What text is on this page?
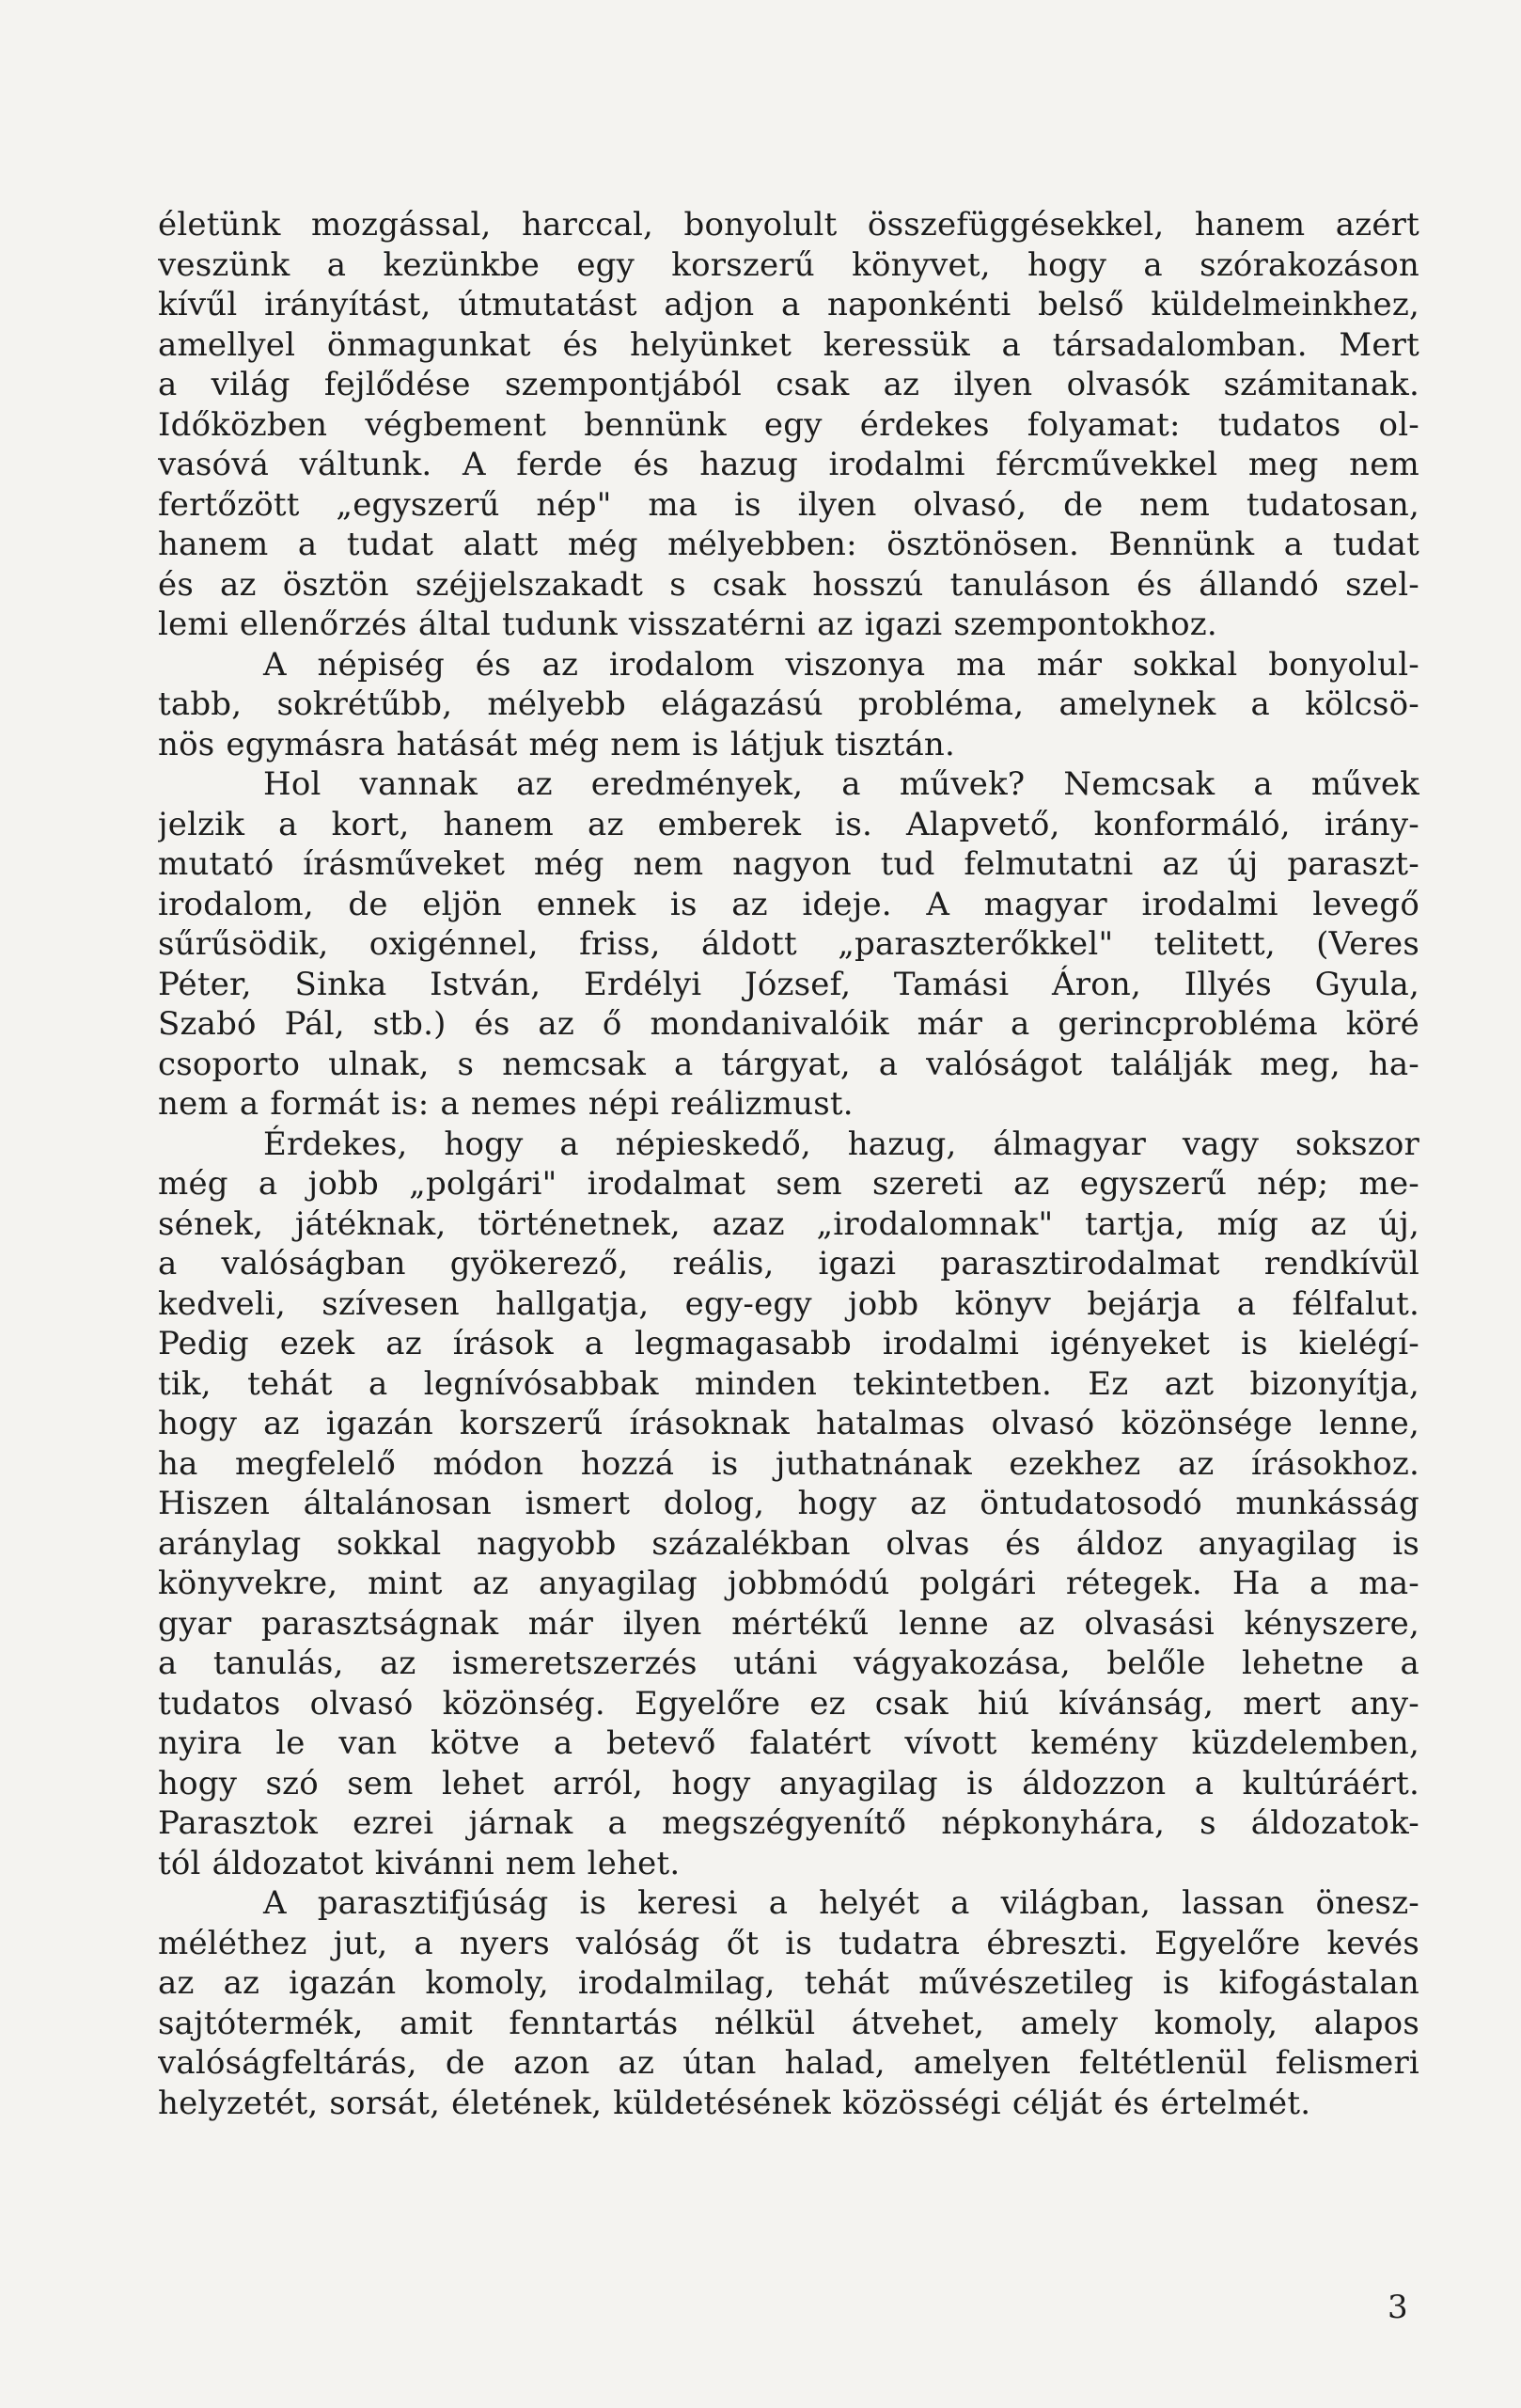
életünk mozgással, harccal, bonyolult összefüggésekkel, hanem azért
veszünk a kezünkbe egy korszerű könyvet, hogy a szórakozáson
kívűl irányítást, útmutatást adjon a naponkénti belső küldelmeinkhez,
amellyel önmagunkat és helyünket keressük a társadalomban. Mert
a világ fejlődése szempontjából csak az ilyen olvasók számitanak.
Időközben végbement bennünk egy érdekes folyamat: tudatos ol-
vasóvá váltunk. A ferde és hazug irodalmi fércművekkel meg nem
fertőzött „egyszerű nép" ma is ilyen olvasó, de nem tudatosan,
hanem a tudat alatt még mélyebben: ösztönösen. Bennünk a tudat
és az ösztön széjjelszakadt s csak hosszú tanuláson és állandó szel-
lemi ellenőrzés által tudunk visszatérni az igazi szempontokhoz.
A népiség és az irodalom viszonya ma már sokkal bonyolul-
tabb, sokrétűbb, mélyebb elágazású probléma, amelynek a kölcsö-
nös egymásra hatását még nem is látjuk tisztán.
Hol vannak az eredmények, a művek? Nemcsak a művek
jelzik a kort, hanem az emberek is. Alapvető, konformáló, irány-
mutató írásműveket még nem nagyon tud felmutatni az új paraszt-
irodalom, de eljön ennek is az ideje. A magyar irodalmi levegő
sűrűsödik, oxigénnel, friss, áldott „paraszterőkkel" telitett, (Veres
Péter, Sinka István, Erdélyi József, Tamási Áron, Illyés Gyula,
Szabó Pál, stb.) és az ő mondanivalóik már a gerincprobléma köré
csoporto ulnak, s nemcsak a tárgyat, a valóságot találják meg, ha-
nem a formát is: a nemes népi reálizmust.
Érdekes, hogy a népieskedő, hazug, álmagyar vagy sokszor
még a jobb „polgári" irodalmat sem szereti az egyszerű nép; me-
sének, játéknak, történetnek, azaz „irodalomnak" tartja, míg az új,
a valóságban gyökerező, reális, igazi parasztirodalmat rendkívül
kedveli, szívesen hallgatja, egy-egy jobb könyv bejárja a félfalut.
Pedig ezek az írások a legmagasabb irodalmi igényeket is kielégí-
tik, tehát a legnívósabbak minden tekintetben. Ez azt bizonyítja,
hogy az igazán korszerű írásoknak hatalmas olvasó közönsége lenne,
ha megfelelő módon hozzá is juthatnának ezekhez az írásokhoz.
Hiszen általánosan ismert dolog, hogy az öntudatosodó munkásság
aránylag sokkal nagyobb százalékban olvas és áldoz anyagilag is
könyvekre, mint az anyagilag jobbmódú polgári rétegek. Ha a ma-
gyar parasztságnak már ilyen mértékű lenne az olvasási kényszere,
a tanulás, az ismeretszerzés utáni vágyakozása, belőle lehetne a
tudatos olvasó közönség. Egyelőre ez csak hiú kívánság, mert any-
nyira le van kötve a betevő falatért vívott kemény küzdelemben,
hogy szó sem lehet arról, hogy anyagilag is áldozzon a kultúráért.
Parasztok ezrei járnak a megszégyenítő népkonyhára, s áldozatok-
tól áldozatot kivánni nem lehet.
A parasztifjúság is keresi a helyét a világban, lassan önesz-
méléthez jut, a nyers valóság őt is tudatra ébreszti. Egyelőre kevés
az az igazán komoly, irodalmilag, tehát művészetileg is kifogástalan
sajtótermék, amit fenntartás nélkül átvehet, amely komoly, alapos
valóságfeltárás, de azon az útan halad, amelyen feltétlenül felismeri
helyzetét, sorsát, életének, küldetésének közösségi célját és értelmét.
3
